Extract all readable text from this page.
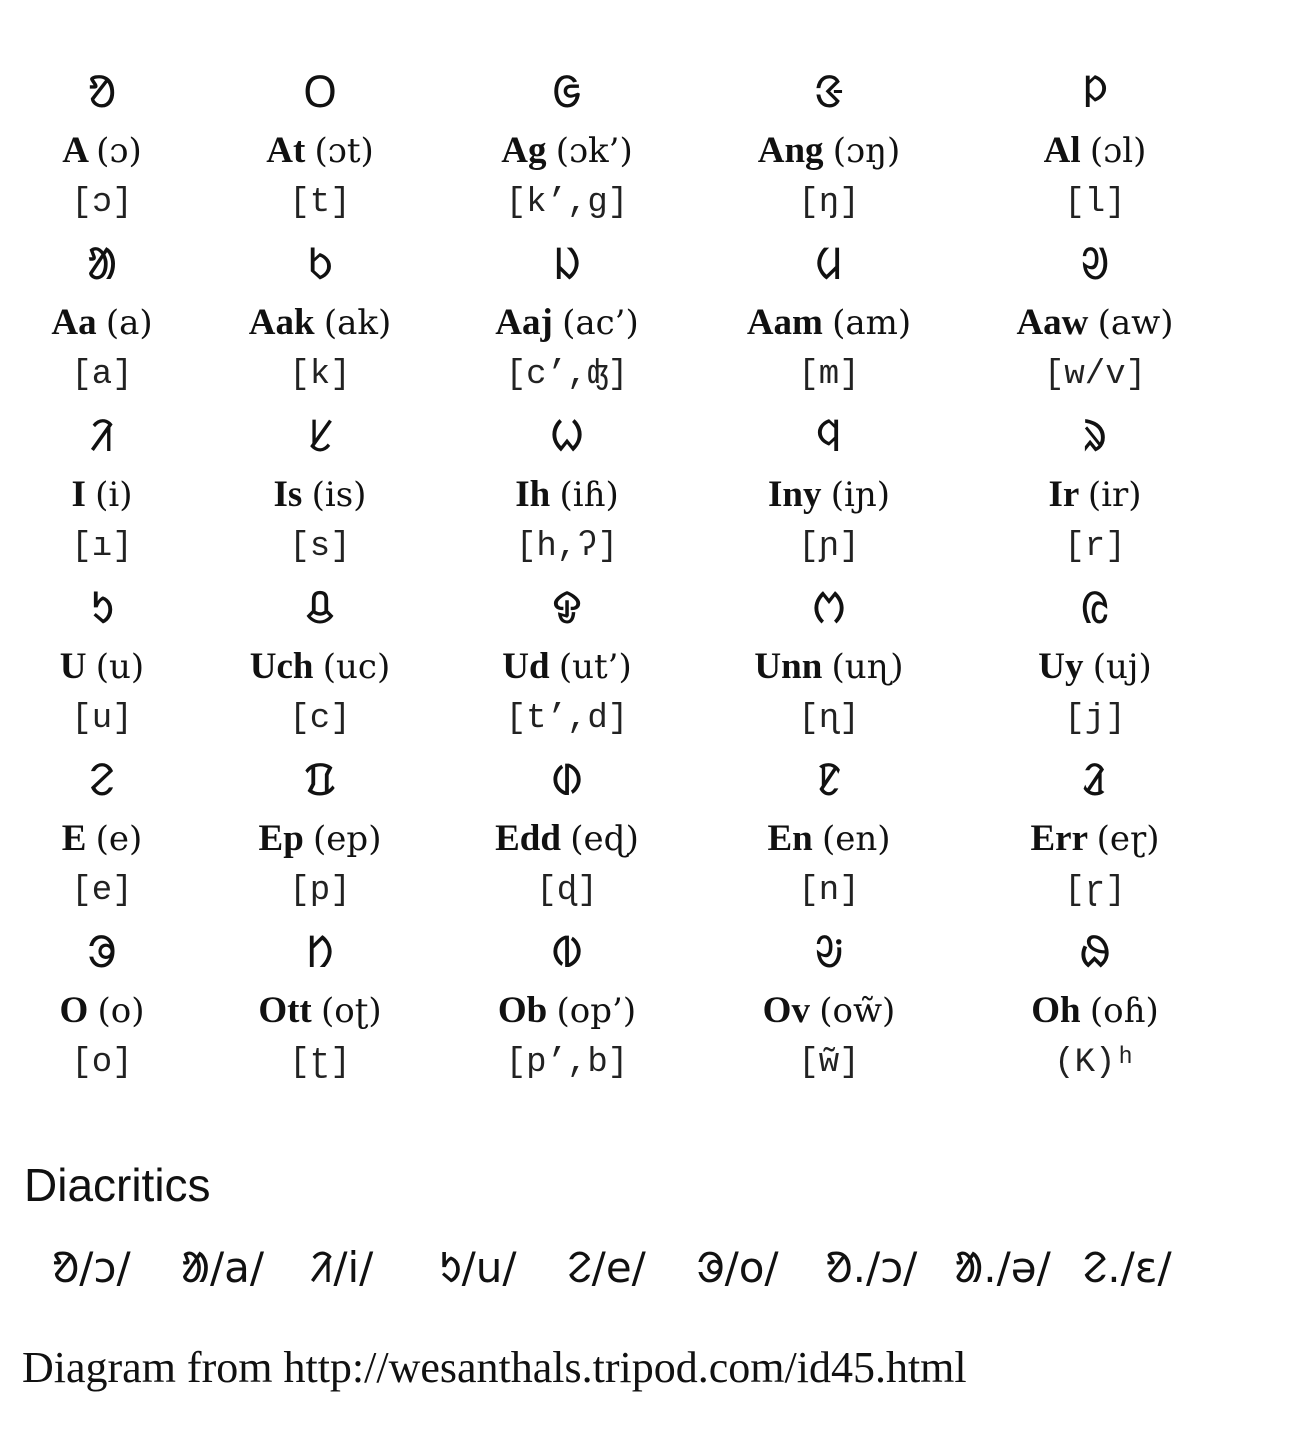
ᱚ
A (ɔ)
[ɔ]
ᱛ
At (ɔt)
[t]
ᱜ
Ag (ɔk’)
[k’,g]
ᱝ
Ang (ɔŋ)
[ŋ]
ᱞ
Al (ɔl)
[l]
ᱟ
Aa (a)
[a]
ᱠ
Aak (ak)
[k]
ᱡ
Aaj (ac’)
[c’,ʤ]
ᱢ
Aam (am)
[m]
ᱣ
Aaw (aw)
[w/v]
ᱤ
I (i)
[ı]
ᱥ
Is (is)
[s]
ᱦ
Ih (iɦ)
[h,ʔ]
ᱧ
Iny (iɲ)
[ɲ]
ᱨ
Ir (ir)
[r]
ᱩ
U (u)
[u]
ᱪ
Uch (uc)
[c]
ᱫ
Ud (ut’)
[t’,d]
ᱬ
Unn (uɳ)
[ɳ]
ᱭ
Uy (uj)
[j]
ᱮ
E (e)
[e]
ᱯ
Ep (ep)
[p]
ᱰ
Edd (eɖ)
[ɖ]
ᱱ
En (en)
[n]
ᱲ
Err (eɽ)
[ɽ]
ᱳ
O (o)
[o]
ᱴ
Ott (oʈ)
[ʈ]
ᱵ
Ob (op’)
[p’,b]
ᱶ
Ov (ow̃)
[w̃]
ᱷ
Oh (oɦ)
(K)ʰ
Diacritics
ᱚ/ɔ/	ᱟ/a/	ᱤ/i/	ᱩ/u/	ᱮ/e/	ᱳ/o/	ᱚ./ɔ/ ᱟ./ə/ ᱮ./ɛ/
Diagram from http://wesanthals.tripod.com/id45.html
